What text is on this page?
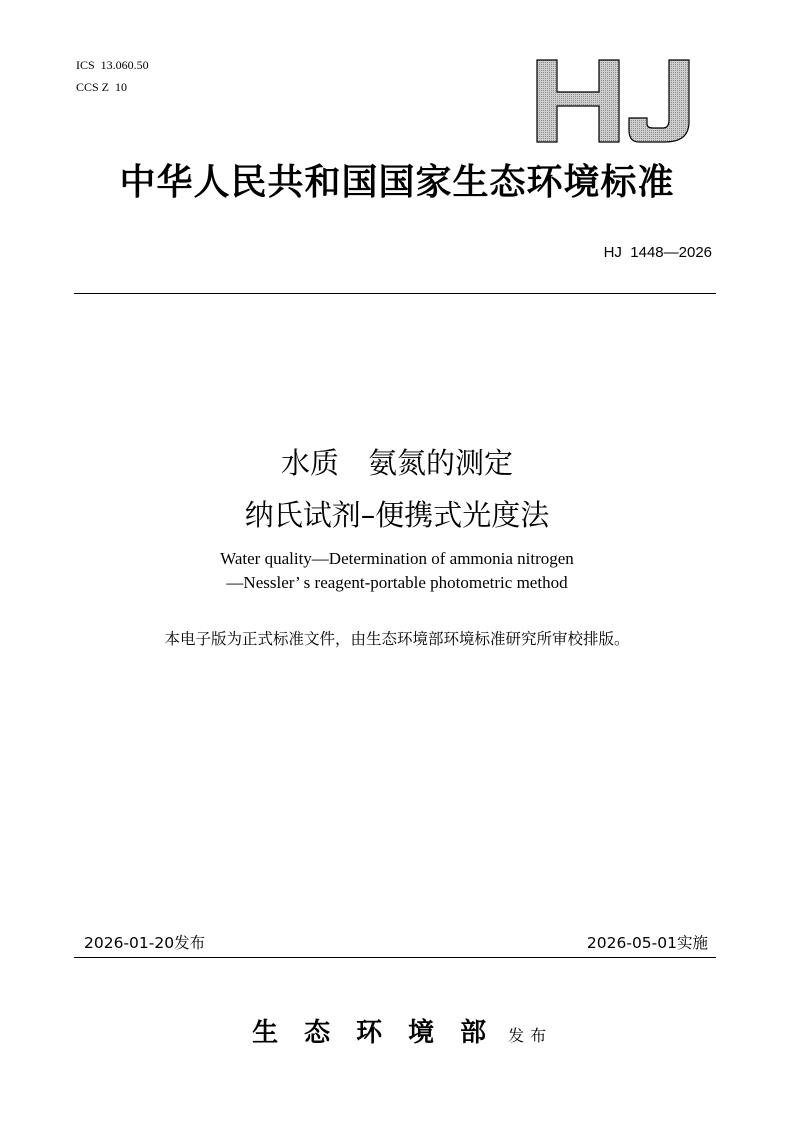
ICS  13.060.50
CCS Z  10
HJ
中华人民共和国国家生态环境标准
HJ  1448—2026
水质　氨氮的测定
纳氏试剂–便携式光度法
Water quality—Determination of ammonia nitrogen
—Nessler’ s reagent-portable photometric method
本电子版为正式标准文件，由生态环境部环境标准研究所审校排版。
2026-01-20发布	2026-05-01实施

生态环境部发布
